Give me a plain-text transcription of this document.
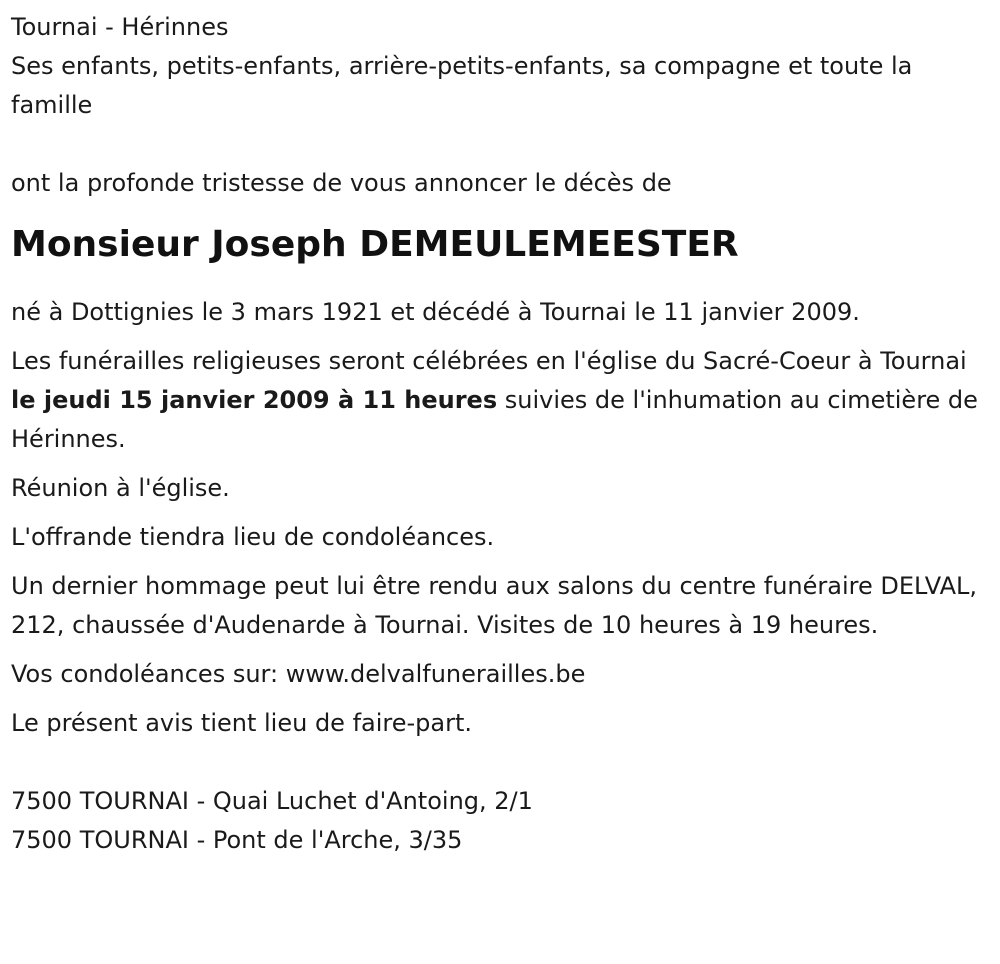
Tournai - Hérinnes

Ses enfants, petits-enfants, arrière-petits-enfants, sa compagne et toute la famille

ont la profonde tristesse de vous annoncer le décès de

Monsieur Joseph DEMEULEMEESTER

né à Dottignies le 3 mars 1921 et décédé à Tournai le 11 janvier 2009.

Les funérailles religieuses seront célébrées en l'église du Sacré-Coeur à Tournai le jeudi 15 janvier 2009 à 11 heures suivies de l'inhumation au cimetière de Hérinnes.

Réunion à l'église.

L'offrande tiendra lieu de condoléances.

Un dernier hommage peut lui être rendu aux salons du centre funéraire DELVAL, 212, chaussée d'Audenarde à Tournai. Visites de 10 heures à 19 heures.

Vos condoléances sur: www.delvalfunerailles.be

Le présent avis tient lieu de faire-part.

7500 TOURNAI - Quai Luchet d'Antoing, 2/1

7500 TOURNAI - Pont de l'Arche, 3/35
